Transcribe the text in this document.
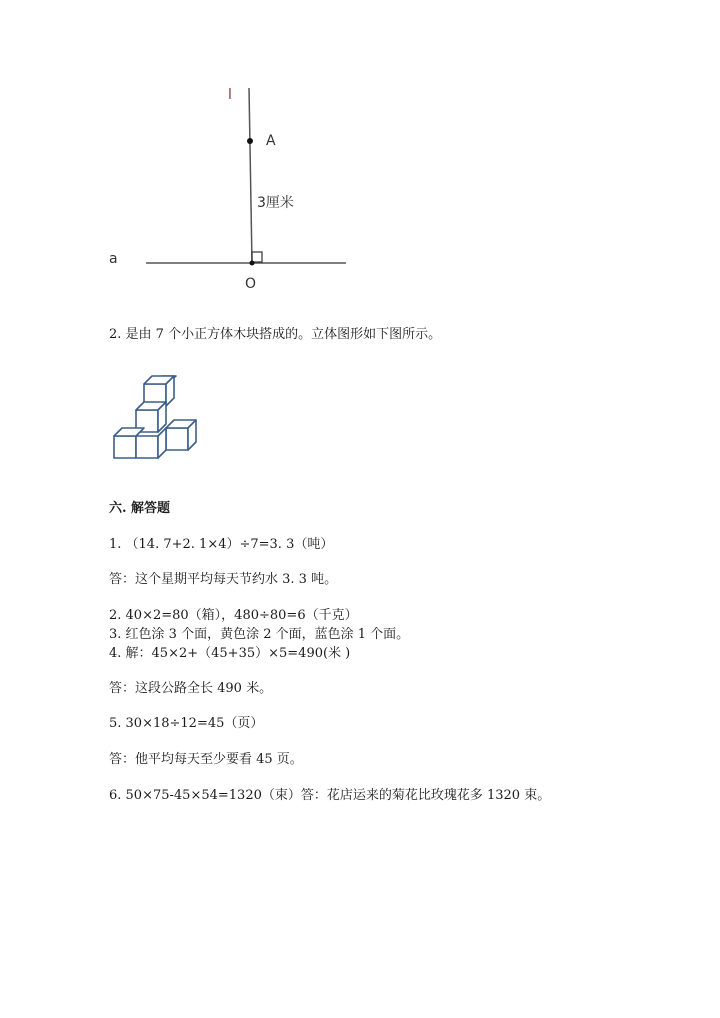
l
A
3厘米
a
O
2. 是由 7 个小正方体木块搭成的。立体图形如下图所示。
六. 解答题
1. （14. 7+2. 1×4）÷7=3. 3（吨）
答：这个星期平均每天节约水 3. 3 吨。
2. 40×2=80（箱），480÷80=6（千克）
3. 红色涂 3 个面，黄色涂 2 个面，蓝色涂 1 个面。
4. 解：45×2+（45+35）×5=490(米 )
答：这段公路全长 490 米。
5. 30×18÷12=45（页）
答：他平均每天至少要看 45 页。
6. 50×75-45×54=1320（束）答：花店运来的菊花比玫瑰花多 1320 束。
